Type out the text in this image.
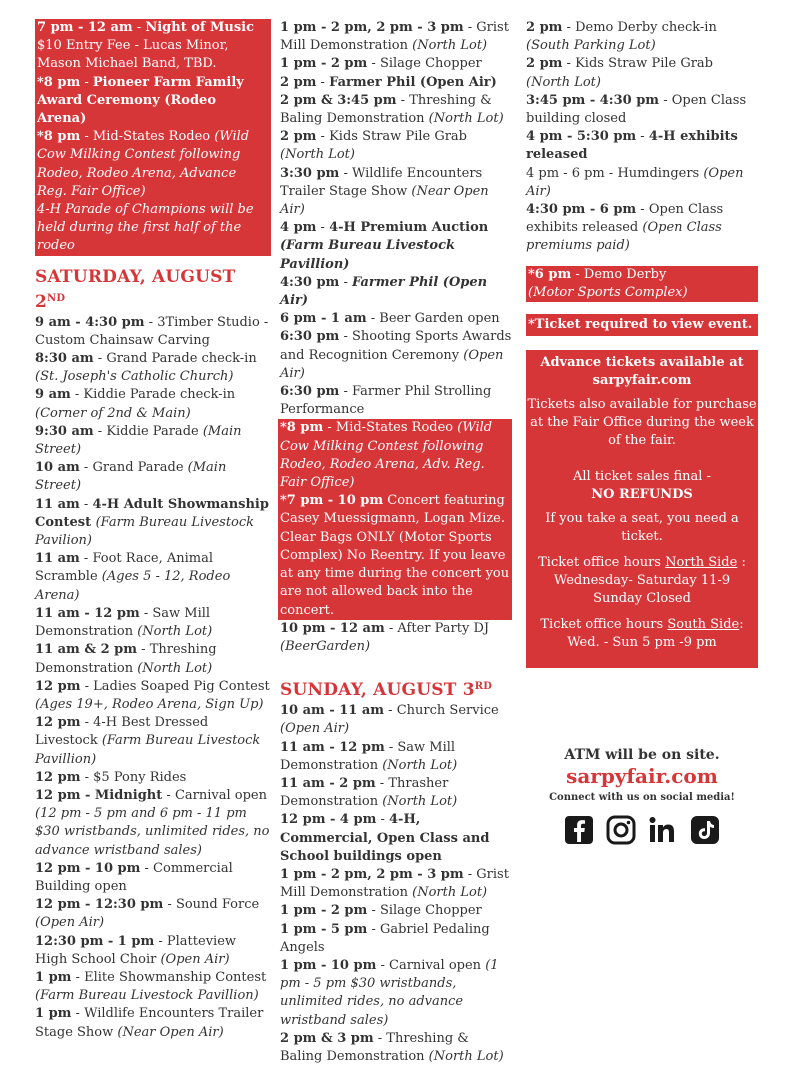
7 pm - 12 am - Night of Music $10 Entry Fee - Lucas Minor, Mason Michael Band, TBD.
*8 pm - Pioneer Farm Family Award Ceremony (Rodeo Arena)
*8 pm - Mid-States Rodeo (Wild Cow Milking Contest following Rodeo, Rodeo Arena, Advance Reg. Fair Office)
4-H Parade of Champions will be held during the first half of the rodeo
SATURDAY, AUGUST 2ND
9 am - 4:30 pm - 3Timber Studio - Custom Chainsaw Carving
8:30 am - Grand Parade check-in (St. Joseph's Catholic Church)
9 am - Kiddie Parade check-in (Corner of 2nd & Main)
9:30 am - Kiddie Parade (Main Street)
10 am - Grand Parade (Main Street)
11 am - 4-H Adult Showmanship Contest (Farm Bureau Livestock Pavilion)
11 am - Foot Race, Animal Scramble (Ages 5 - 12, Rodeo Arena)
11 am - 12 pm - Saw Mill Demonstration (North Lot)
11 am & 2 pm - Threshing Demonstration (North Lot)
12 pm - Ladies Soaped Pig Contest (Ages 19+, Rodeo Arena, Sign Up)
12 pm - 4-H Best Dressed Livestock (Farm Bureau Livestock Pavillion)
12 pm - $5 Pony Rides
12 pm - Midnight - Carnival open (12 pm - 5 pm and 6 pm - 11 pm $30 wristbands, unlimited rides, no advance wristband sales)
12 pm - 10 pm - Commercial Building open
12 pm - 12:30 pm - Sound Force (Open Air)
12:30 pm - 1 pm - Platteview High School Choir (Open Air)
1 pm - Elite Showmanship Contest (Farm Bureau Livestock Pavillion)
1 pm - Wildlife Encounters Trailer Stage Show (Near Open Air)
1 pm - 2 pm, 2 pm - 3 pm - Grist Mill Demonstration (North Lot)
1 pm - 2 pm - Silage Chopper
2 pm - Farmer Phil (Open Air)
2 pm & 3:45 pm - Threshing & Baling Demonstration (North Lot)
2 pm - Kids Straw Pile Grab (North Lot)
3:30 pm - Wildlife Encounters Trailer Stage Show (Near Open Air)
4 pm - 4-H Premium Auction (Farm Bureau Livestock Pavillion)
4:30 pm - Farmer Phil (Open Air)
6 pm - 1 am - Beer Garden open
6:30 pm - Shooting Sports Awards and Recognition Ceremony (Open Air)
6:30 pm - Farmer Phil Strolling Performance
*8 pm - Mid-States Rodeo (Wild Cow Milking Contest following Rodeo, Rodeo Arena, Adv. Reg. Fair Office)
*7 pm - 10 pm Concert featuring Casey Muessigmann, Logan Mize. Clear Bags ONLY (Motor Sports Complex) No Reentry. If you leave at any time during the concert you are not allowed back into the concert.
10 pm - 12 am - After Party DJ (BeerGarden)
SUNDAY, AUGUST 3RD
10 am - 11 am - Church Service (Open Air)
11 am - 12 pm - Saw Mill Demonstration (North Lot)
11 am - 2 pm - Thrasher Demonstration (North Lot)
12 pm - 4 pm - 4-H, Commercial, Open Class and School buildings open
1 pm - 2 pm, 2 pm - 3 pm - Grist Mill Demonstration (North Lot)
1 pm - 2 pm - Silage Chopper
1 pm - 5 pm - Gabriel Pedaling Angels
1 pm - 10 pm - Carnival open (1 pm - 5 pm $30 wristbands, unlimited rides, no advance wristband sales)
2 pm & 3 pm - Threshing & Baling Demonstration (North Lot)
2 pm - Demo Derby check-in (South Parking Lot)
2 pm - Kids Straw Pile Grab (North Lot)
3:45 pm - 4:30 pm - Open Class building closed
4 pm - 5:30 pm - 4-H exhibits released
4 pm - 6 pm - Humdingers (Open Air)
4:30 pm - 6 pm - Open Class exhibits released (Open Class premiums paid)
*6 pm - Demo Derby
(Motor Sports Complex)
*Ticket required to view event.

Advance tickets available at

sarpyfair.com

Tickets also available for purchase at the Fair Office during the week of the fair.

All ticket sales final -

NO REFUNDS

If you take a seat, you need a ticket.

Ticket office hours North Side :

Wednesday- Saturday 11-9

Sunday Closed

Ticket office hours South Side:

Wed. - Sun 5 pm -9 pm

ATM will be on site.
sarpyfair.com
Connect with us on social media!
